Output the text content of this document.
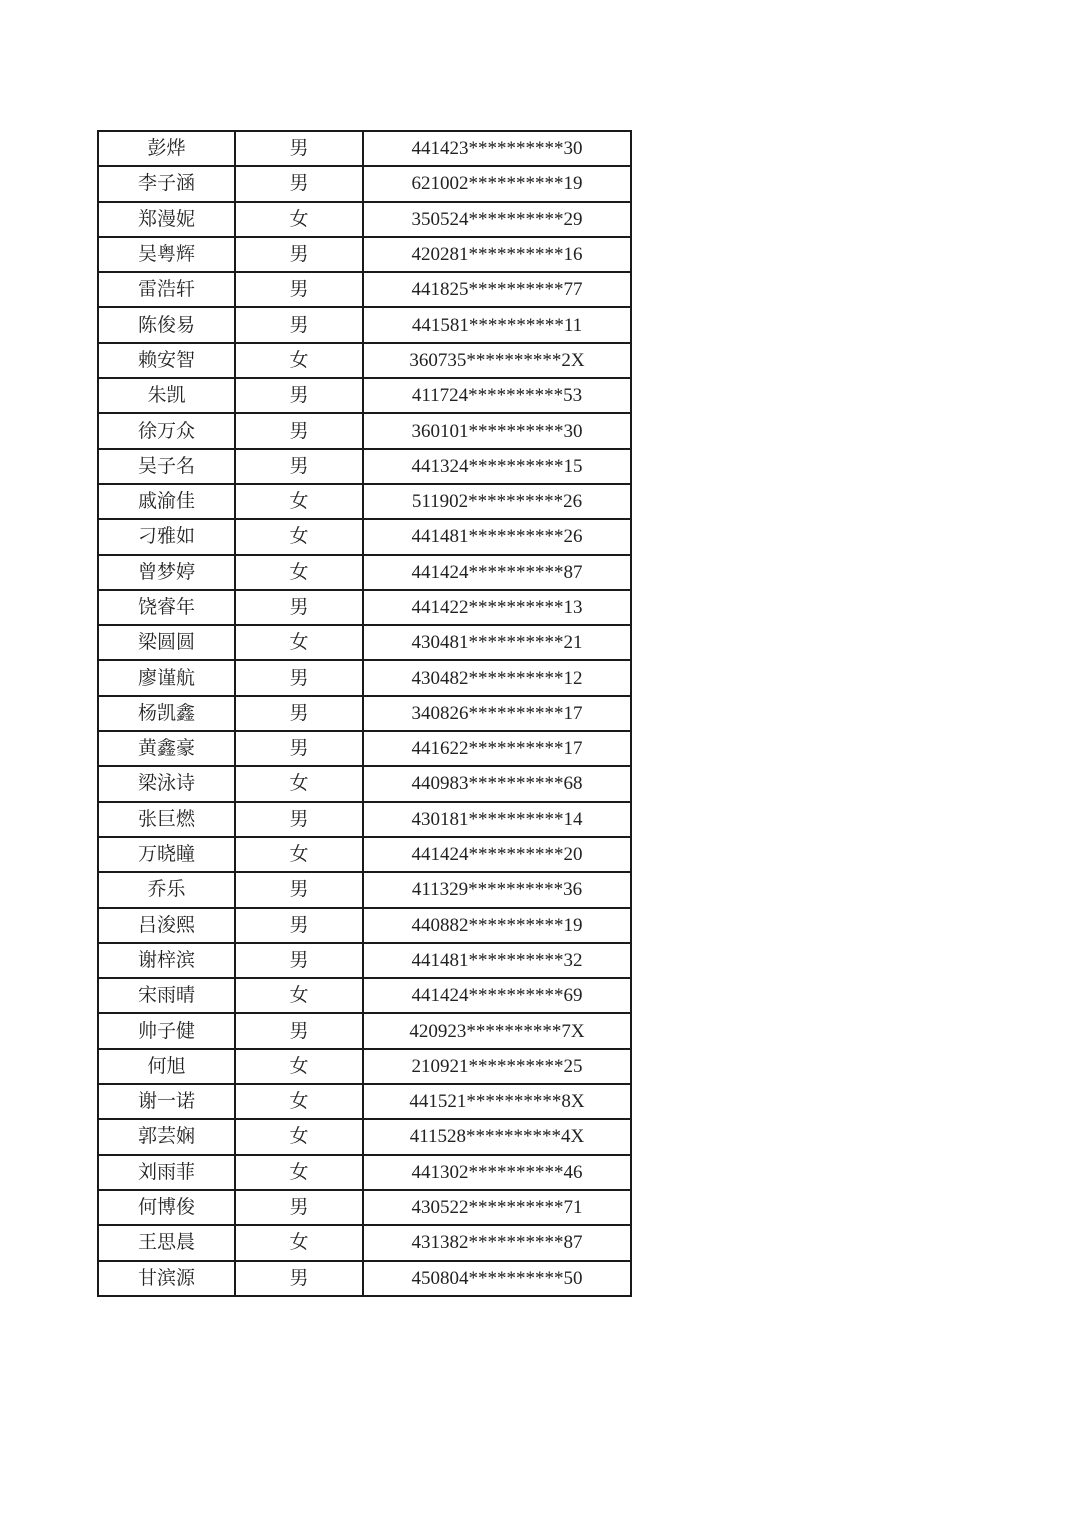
彭烨	男	441423**********30
李子涵	男	621002**********19
郑漫妮	女	350524**********29
吴粤辉	男	420281**********16
雷浩轩	男	441825**********77
陈俊易	男	441581**********11
赖安智	女	360735**********2X
朱凯	男	411724**********53
徐万众	男	360101**********30
吴子名	男	441324**********15
戚渝佳	女	511902**********26
刁雅如	女	441481**********26
曾梦婷	女	441424**********87
饶睿年	男	441422**********13
梁圆圆	女	430481**********21
廖谨航	男	430482**********12
杨凯鑫	男	340826**********17
黄鑫豪	男	441622**********17
梁泳诗	女	440983**********68
张巨燃	男	430181**********14
万晓瞳	女	441424**********20
乔乐	男	411329**********36
吕浚熙	男	440882**********19
谢梓滨	男	441481**********32
宋雨晴	女	441424**********69
帅子健	男	420923**********7X
何旭	女	210921**********25
谢一诺	女	441521**********8X
郭芸娴	女	411528**********4X
刘雨菲	女	441302**********46
何博俊	男	430522**********71
王思晨	女	431382**********87
甘滨源	男	450804**********50
